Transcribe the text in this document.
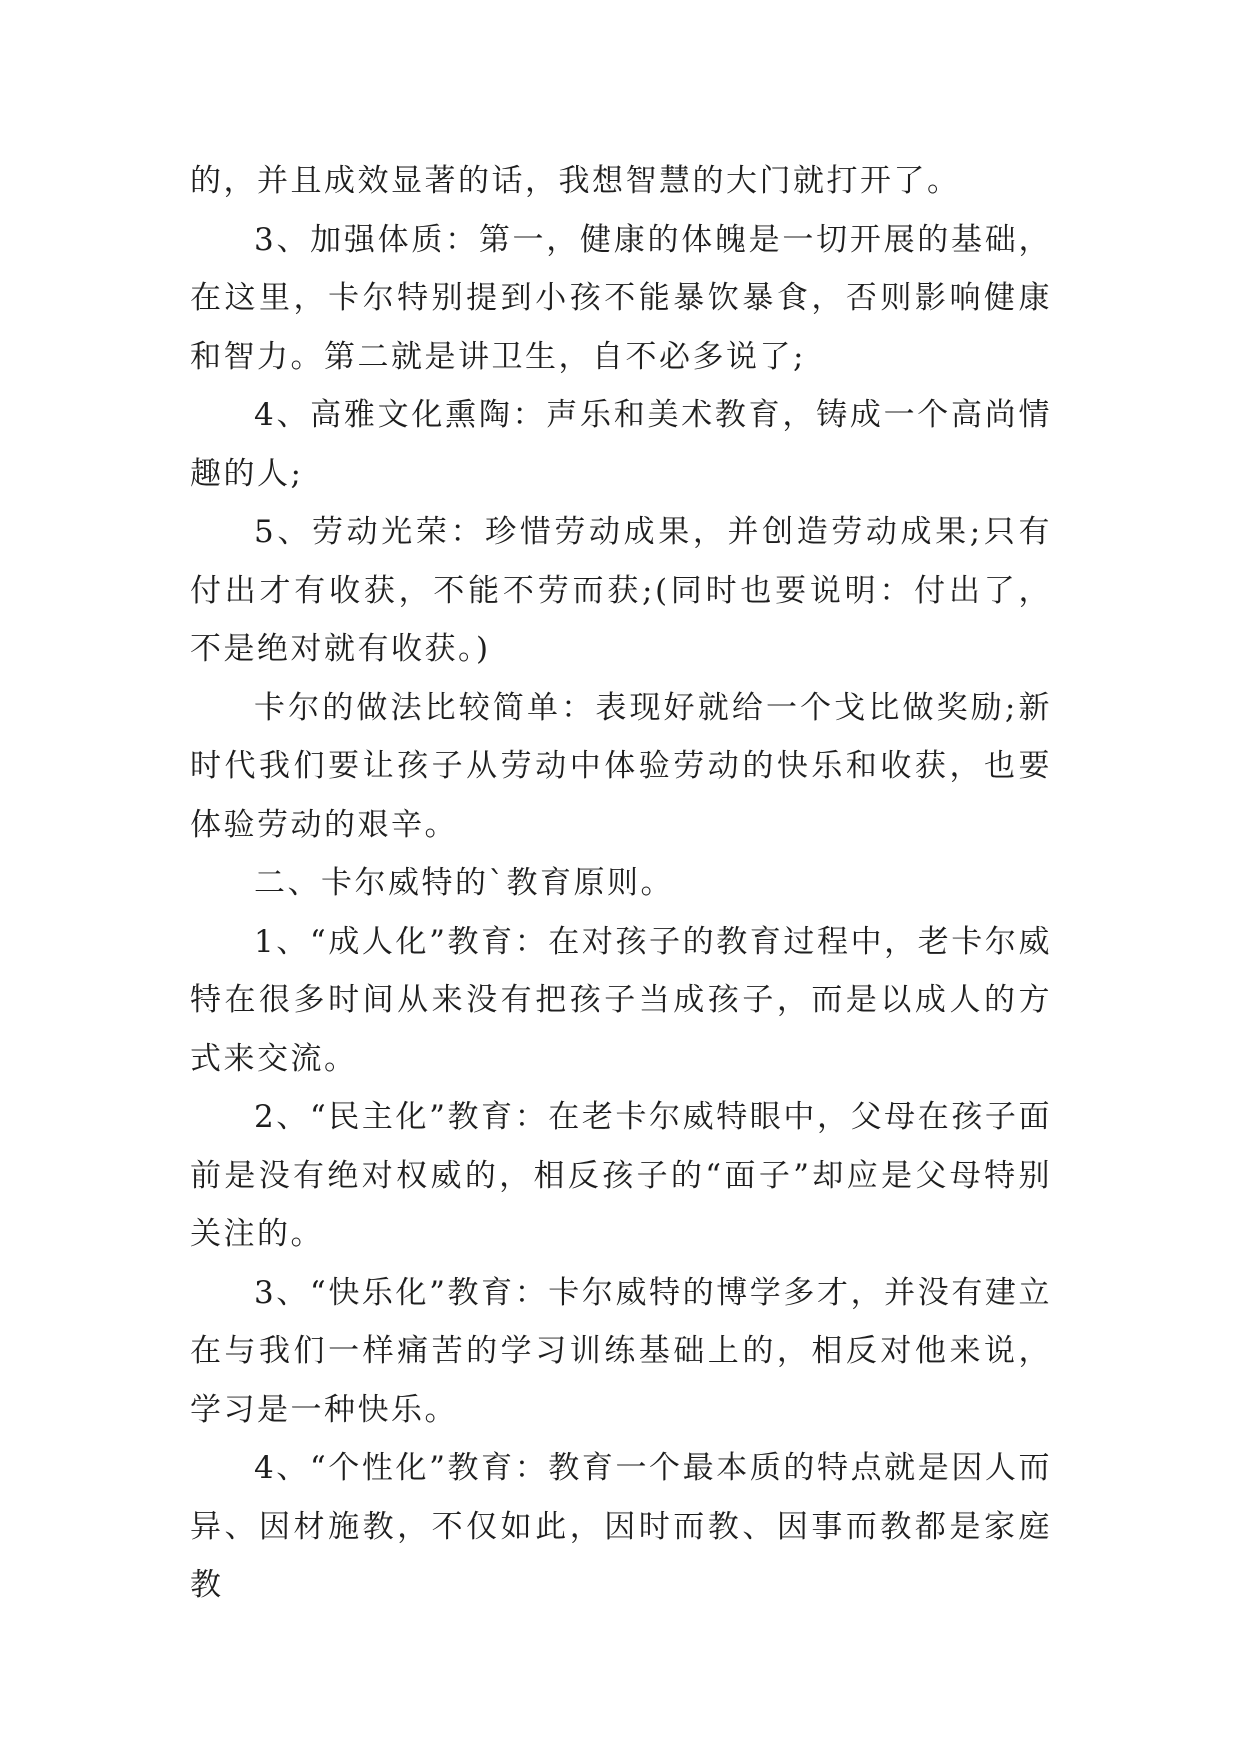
的，并且成效显著的话，我想智慧的大门就打开了。

3、加强体质：第一，健康的体魄是一切开展的基础，在这里，卡尔特别提到小孩不能暴饮暴食，否则影响健康和智力。第二就是讲卫生，自不必多说了;

4、高雅文化熏陶：声乐和美术教育，铸成一个高尚情趣的人;

5、劳动光荣：珍惜劳动成果，并创造劳动成果;只有付出才有收获，不能不劳而获;(同时也要说明：付出了，不是绝对就有收获。)

卡尔的做法比较简单：表现好就给一个戈比做奖励;新时代我们要让孩子从劳动中体验劳动的快乐和收获，也要体验劳动的艰辛。

二、卡尔威特的`教育原则。

1、“成人化”教育：在对孩子的教育过程中，老卡尔威特在很多时间从来没有把孩子当成孩子，而是以成人的方式来交流。

2、“民主化”教育：在老卡尔威特眼中，父母在孩子面前是没有绝对权威的，相反孩子的“面子”却应是父母特别关注的。

3、“快乐化”教育：卡尔威特的博学多才，并没有建立在与我们一样痛苦的学习训练基础上的，相反对他来说，学习是一种快乐。

4、“个性化”教育：教育一个最本质的特点就是因人而异、因材施教，不仅如此，因时而教、因事而教都是家庭教
